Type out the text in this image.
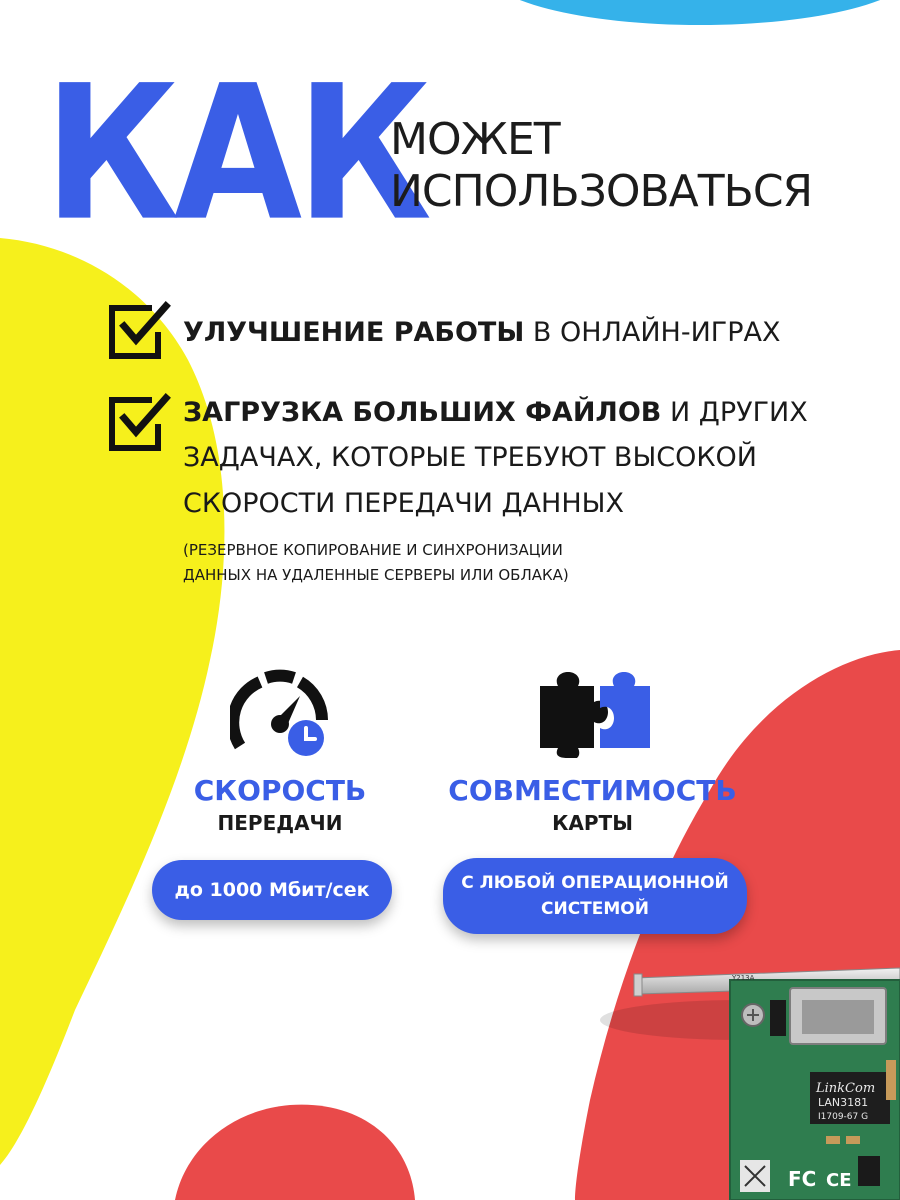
КАК
МОЖЕТ
ИСПОЛЬЗОВАТЬСЯ
УЛУЧШЕНИЕ РАБОТЫ В ОНЛАЙН-ИГРАХ
ЗАГРУЗКА БОЛЬШИХ ФАЙЛОВ И ДРУГИХ
ЗАДАЧАХ, КОТОРЫЕ ТРЕБУЮТ ВЫСОКОЙ
СКОРОСТИ ПЕРЕДАЧИ ДАННЫХ
(РЕЗЕРВНОЕ КОПИРОВАНИЕ И СИНХРОНИЗАЦИИ
ДАННЫХ НА УДАЛЕННЫЕ СЕРВЕРЫ ИЛИ ОБЛАКА)
СКОРОСТЬ
ПЕРЕДАЧИ
до 1000 Мбит/сек
СОВМЕСТИМОСТЬ
КАРТЫ
С ЛЮБОЙ ОПЕРАЦИОННОЙ
СИСТЕМОЙ
LinkCom
LAN3181
I1709-67 G
Y213A
FC CE
